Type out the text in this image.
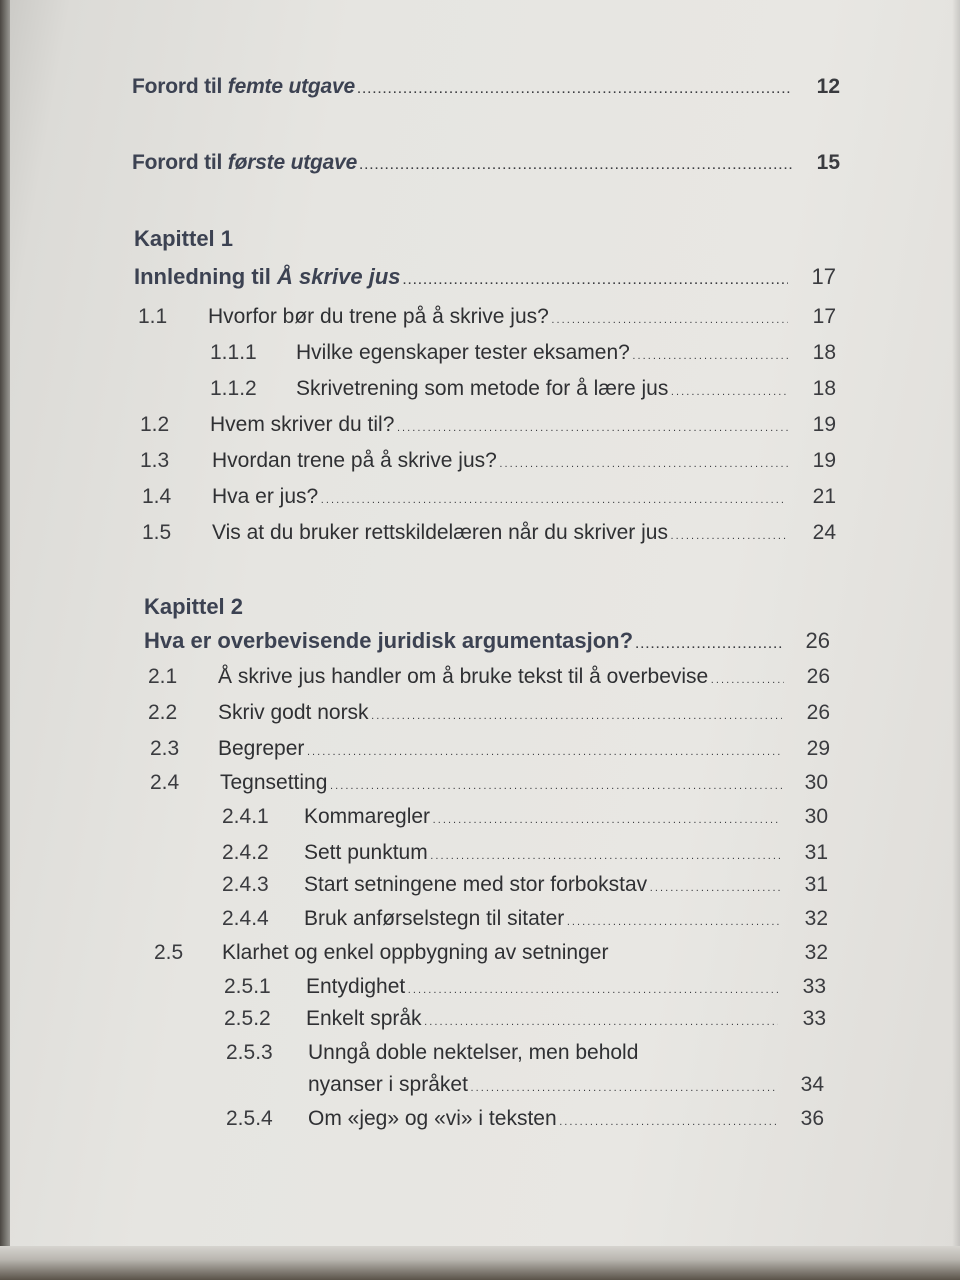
Forord til femte utgave . . .	12
Forord til første utgave . . .	15
Kapittel 1
Innledning til Å skrive jus . . .	17
1.1 Hvorfor bør du trene på å skrive jus? . . .	17
1.1.1 Hvilke egenskaper tester eksamen? . . .	18
1.1.2 Skrivetrening som metode for å lære jus . . .	18
1.2 Hvem skriver du til? . . .	19
1.3 Hvordan trene på å skrive jus? . . .	19
1.4 Hva er jus? . . .	21
1.5 Vis at du bruker rettskildelæren når du skriver jus . . .	24
Kapittel 2
Hva er overbevisende juridisk argumentasjon? . . .	26
2.1 Å skrive jus handler om å bruke tekst til å overbevise . . .	26
2.2 Skriv godt norsk . . .	26
2.3 Begreper . . .	29
2.4 Tegnsetting . . .	30
2.4.1 Kommaregler . . .	30
2.4.2 Sett punktum . . .	31
2.4.3 Start setningene med stor forbokstav . . .	31
2.4.4 Bruk anførselstegn til sitater . . .	32
2.5 Klarhet og enkel oppbygning av setninger	32
2.5.1 Entydighet . . .	33
2.5.2 Enkelt språk . . .	33
2.5.3 Unngå doble nektelser, men behold
nyanser i språket . . .	34
2.5.4 Om «jeg» og «vi» i teksten . . .	36
